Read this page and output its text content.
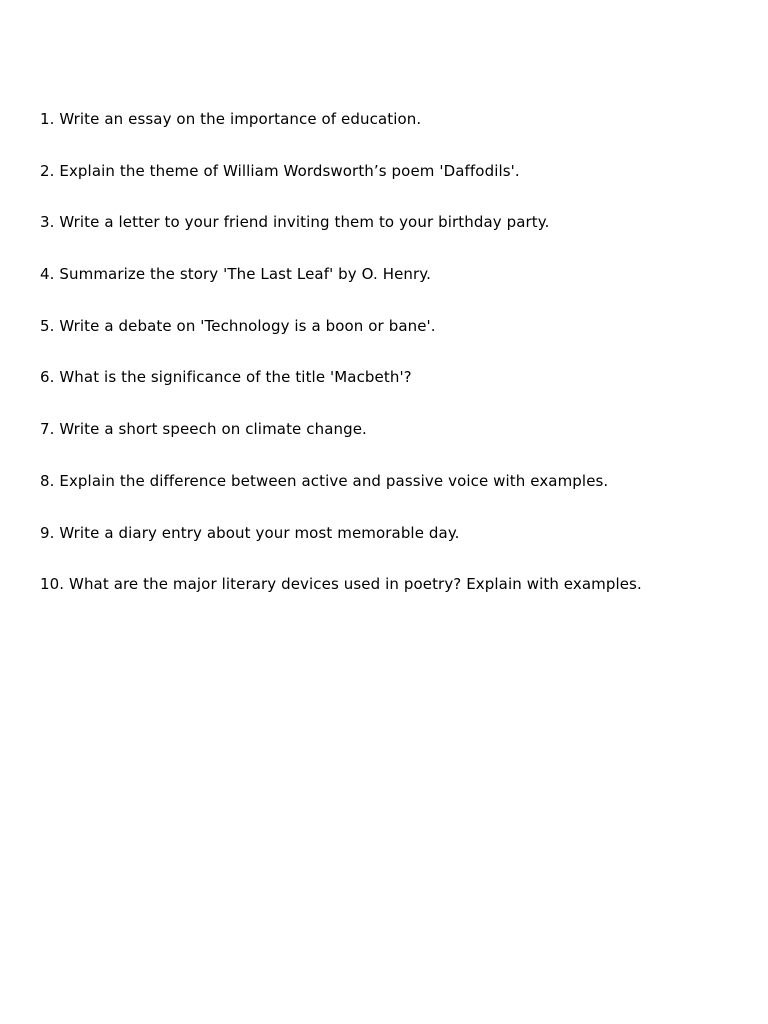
1. Write an essay on the importance of education.
2. Explain the theme of William Wordsworth’s poem 'Daffodils'.
3. Write a letter to your friend inviting them to your birthday party.
4. Summarize the story 'The Last Leaf' by O. Henry.
5. Write a debate on 'Technology is a boon or bane'.
6. What is the significance of the title 'Macbeth'?
7. Write a short speech on climate change.
8. Explain the difference between active and passive voice with examples.
9. Write a diary entry about your most memorable day.
10. What are the major literary devices used in poetry? Explain with examples.
